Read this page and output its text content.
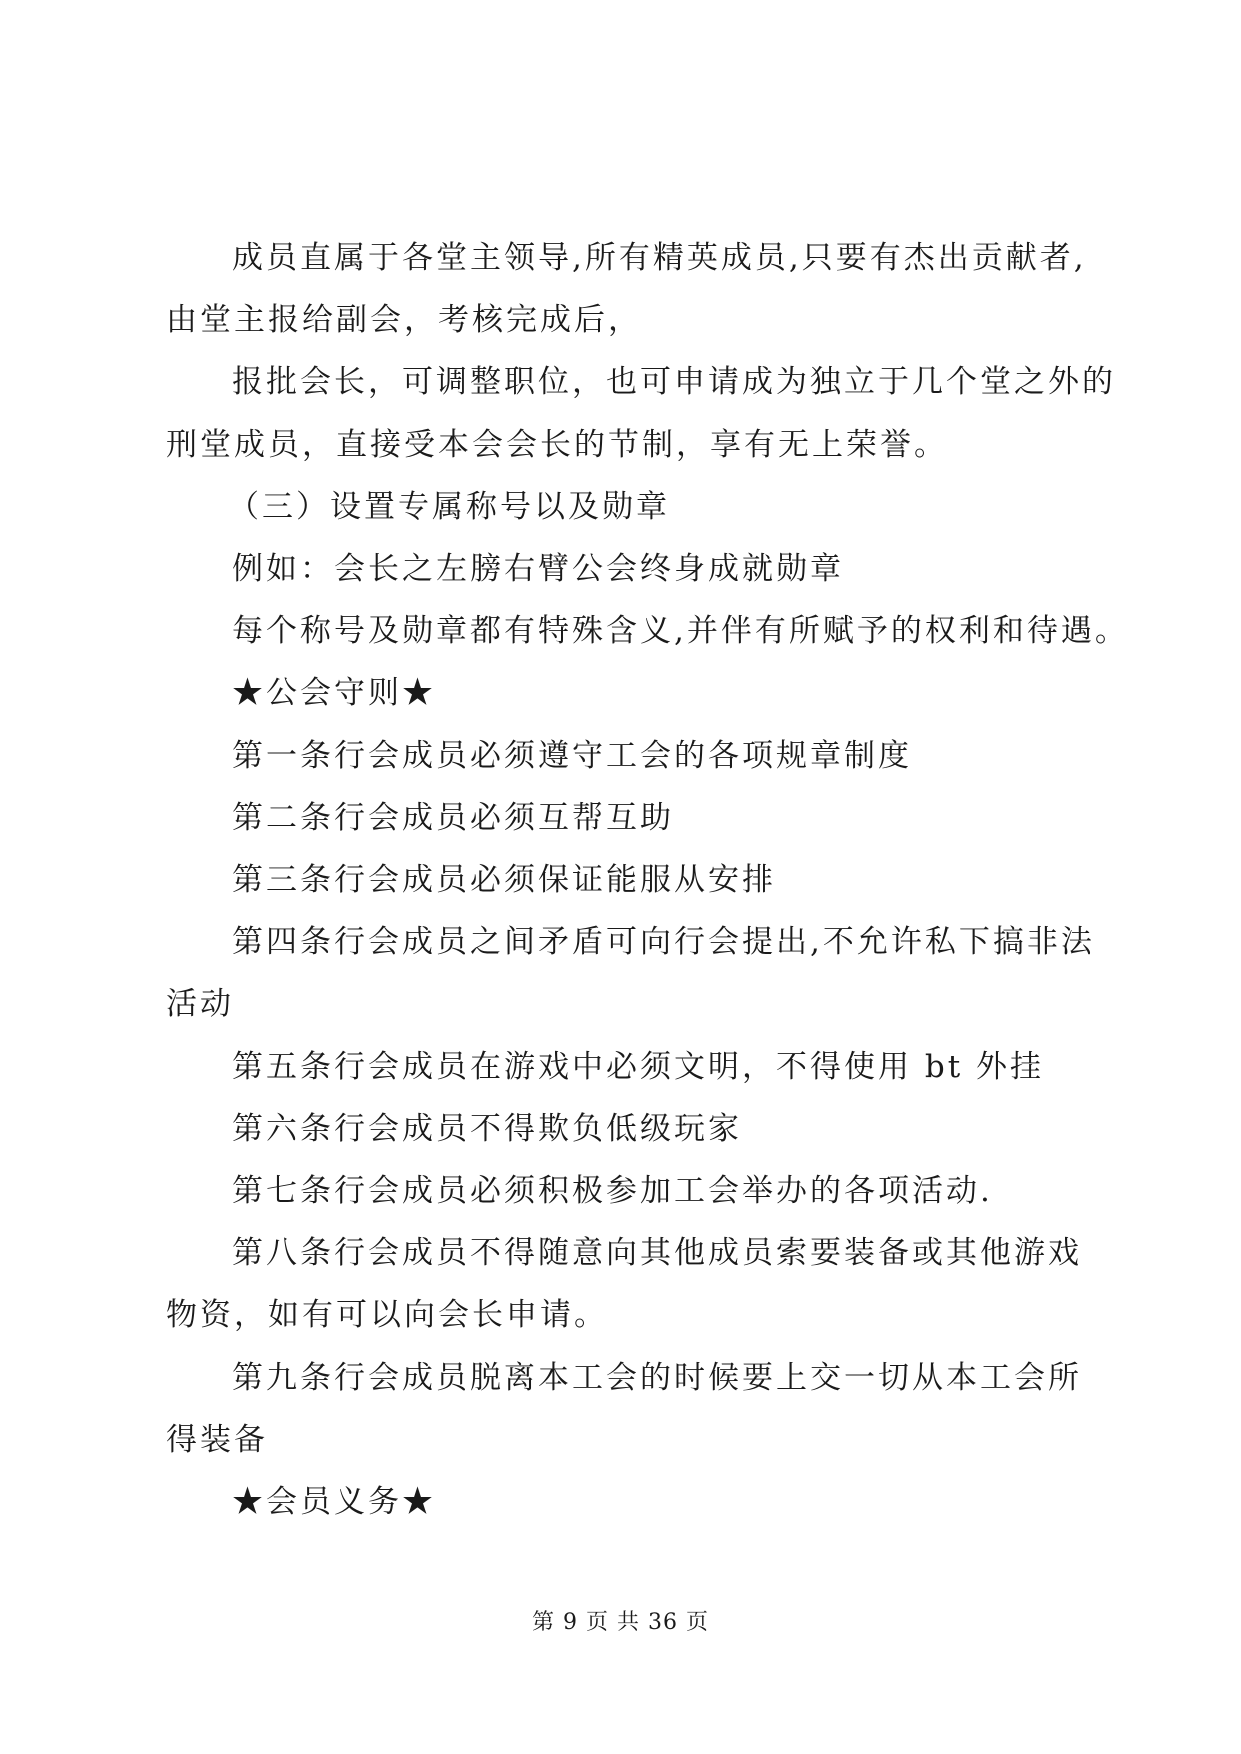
成员直属于各堂主领导,所有精英成员,只要有杰出贡献者,
由堂主报给副会，考核完成后，
报批会长，可调整职位，也可申请成为独立于几个堂之外的
刑堂成员，直接受本会会长的节制，享有无上荣誉。
（三）设置专属称号以及勋章
例如：会长之左膀右臂公会终身成就勋章
每个称号及勋章都有特殊含义,并伴有所赋予的权利和待遇。
★公会守则★
第一条行会成员必须遵守工会的各项规章制度
第二条行会成员必须互帮互助
第三条行会成员必须保证能服从安排
第四条行会成员之间矛盾可向行会提出,不允许私下搞非法
活动
第五条行会成员在游戏中必须文明，不得使用 bt 外挂
第六条行会成员不得欺负低级玩家
第七条行会成员必须积极参加工会举办的各项活动.
第八条行会成员不得随意向其他成员索要装备或其他游戏
物资，如有可以向会长申请。
第九条行会成员脱离本工会的时候要上交一切从本工会所
得装备
★会员义务★
第 9 页 共 36 页
